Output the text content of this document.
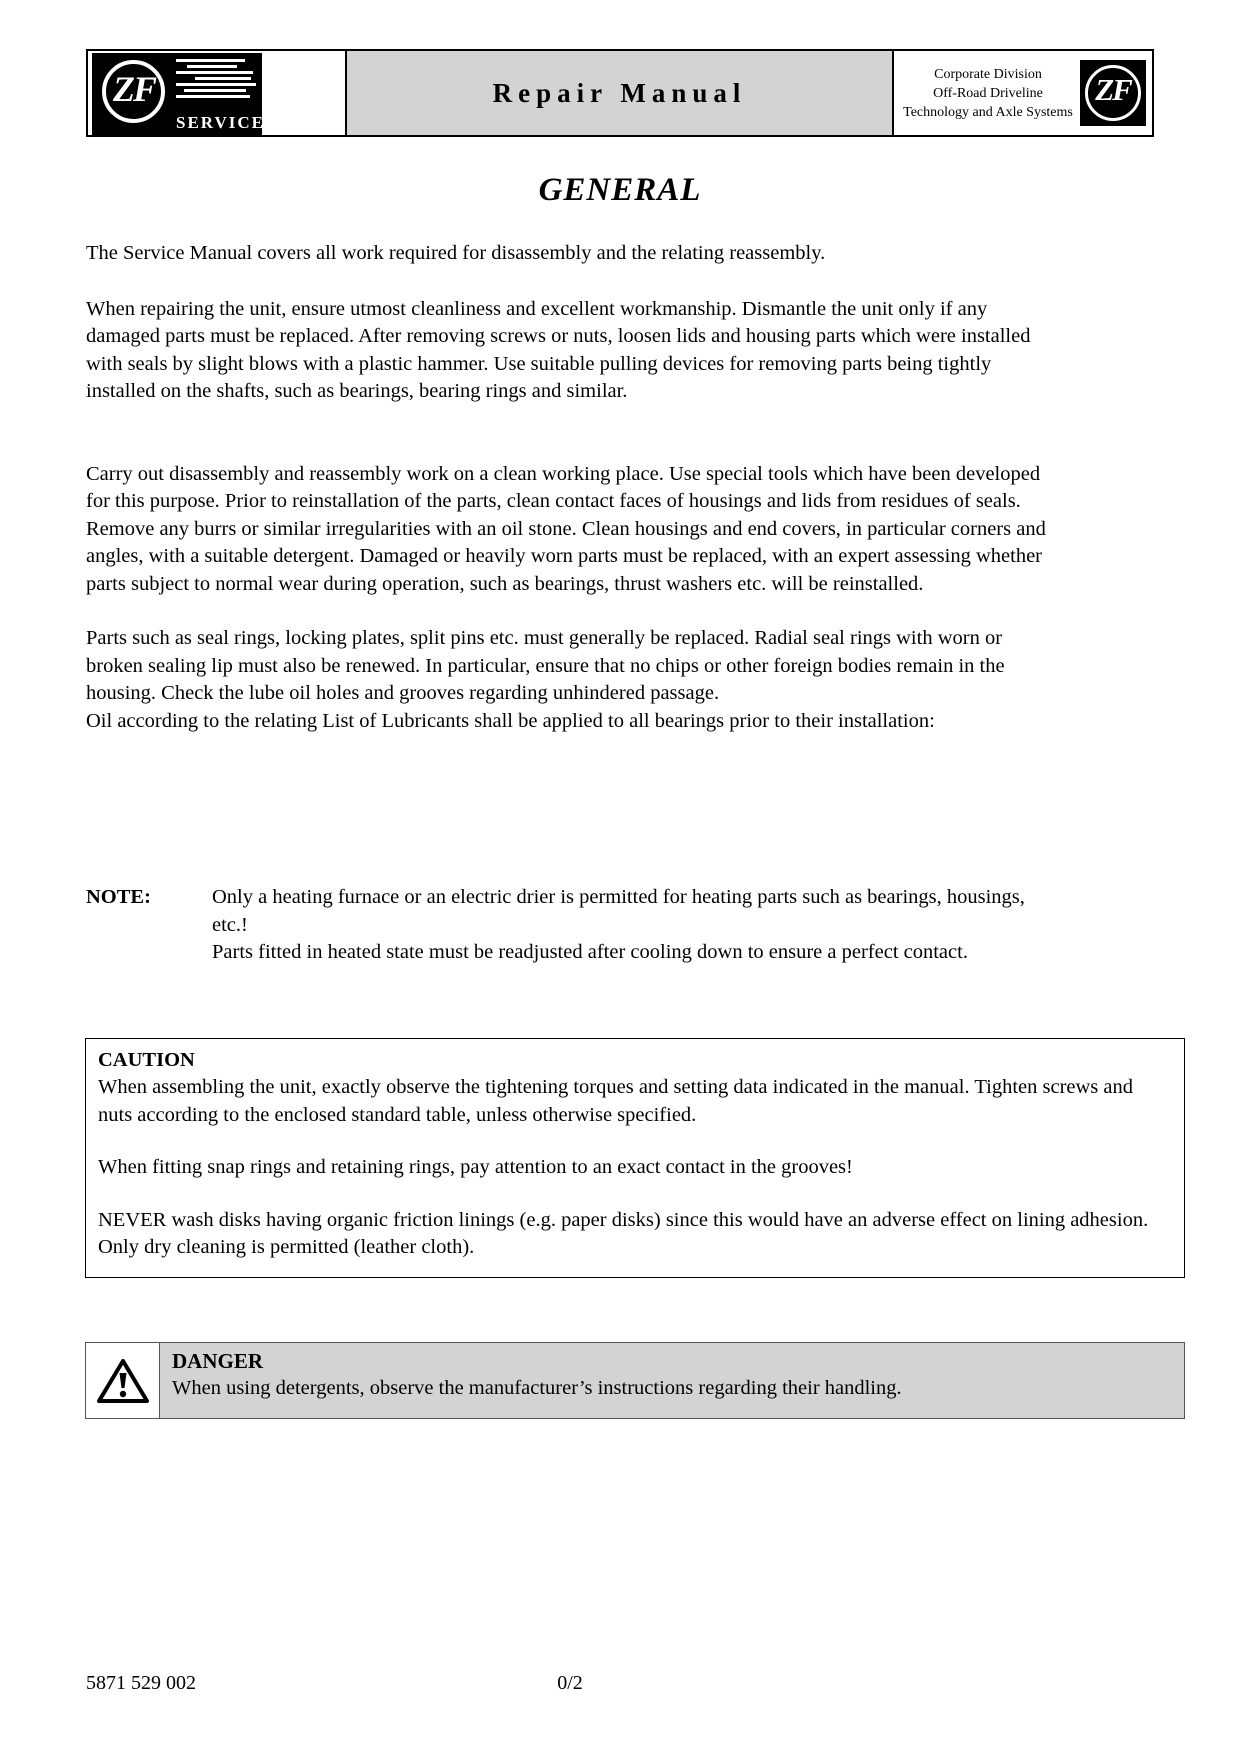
ZF
SERVICE
Repair Manual
Corporate Division
Off-Road Driveline
Technology and Axle Systems
ZF
GENERAL
The Service Manual covers all work required for disassembly and the relating reassembly.
When repairing the unit, ensure utmost cleanliness and excellent workmanship. Dismantle the unit only if any damaged parts must be replaced. After removing screws or nuts, loosen lids and housing parts which were installed with seals by slight blows with a plastic hammer. Use suitable pulling devices for removing parts being tightly installed on the shafts, such as bearings, bearing rings and similar.
Carry out disassembly and reassembly work on a clean working place. Use special tools which have been developed for this purpose. Prior to reinstallation of the parts, clean contact faces of housings and lids from residues of seals. Remove any burrs or similar irregularities with an oil stone. Clean housings and end covers, in particular corners and angles, with a suitable detergent. Damaged or heavily worn parts must be replaced, with an expert assessing whether parts subject to normal wear during operation, such as bearings, thrust washers etc. will be reinstalled.
Parts such as seal rings, locking plates, split pins etc. must generally be replaced. Radial seal rings with worn or broken sealing lip must also be renewed. In particular, ensure that no chips or other foreign bodies remain in the housing. Check the lube oil holes and grooves regarding unhindered passage.
Oil according to the relating List of Lubricants shall be applied to all bearings prior to their installation:
NOTE:	Only a heating furnace or an electric drier is permitted for heating parts such as bearings, housings, etc.!
Parts fitted in heated state must be readjusted after cooling down to ensure a perfect contact.
CAUTION
When assembling the unit, exactly observe the tightening torques and setting data indicated in the manual. Tighten screws and nuts according to the enclosed standard table, unless otherwise specified.
When fitting snap rings and retaining rings, pay attention to an exact contact in the grooves!
NEVER wash disks having organic friction linings (e.g. paper disks) since this would have an adverse effect on lining adhesion.
Only dry cleaning is permitted (leather cloth).
DANGER
When using detergents, observe the manufacturer’s instructions regarding their handling.
5871 529 002	0/2
